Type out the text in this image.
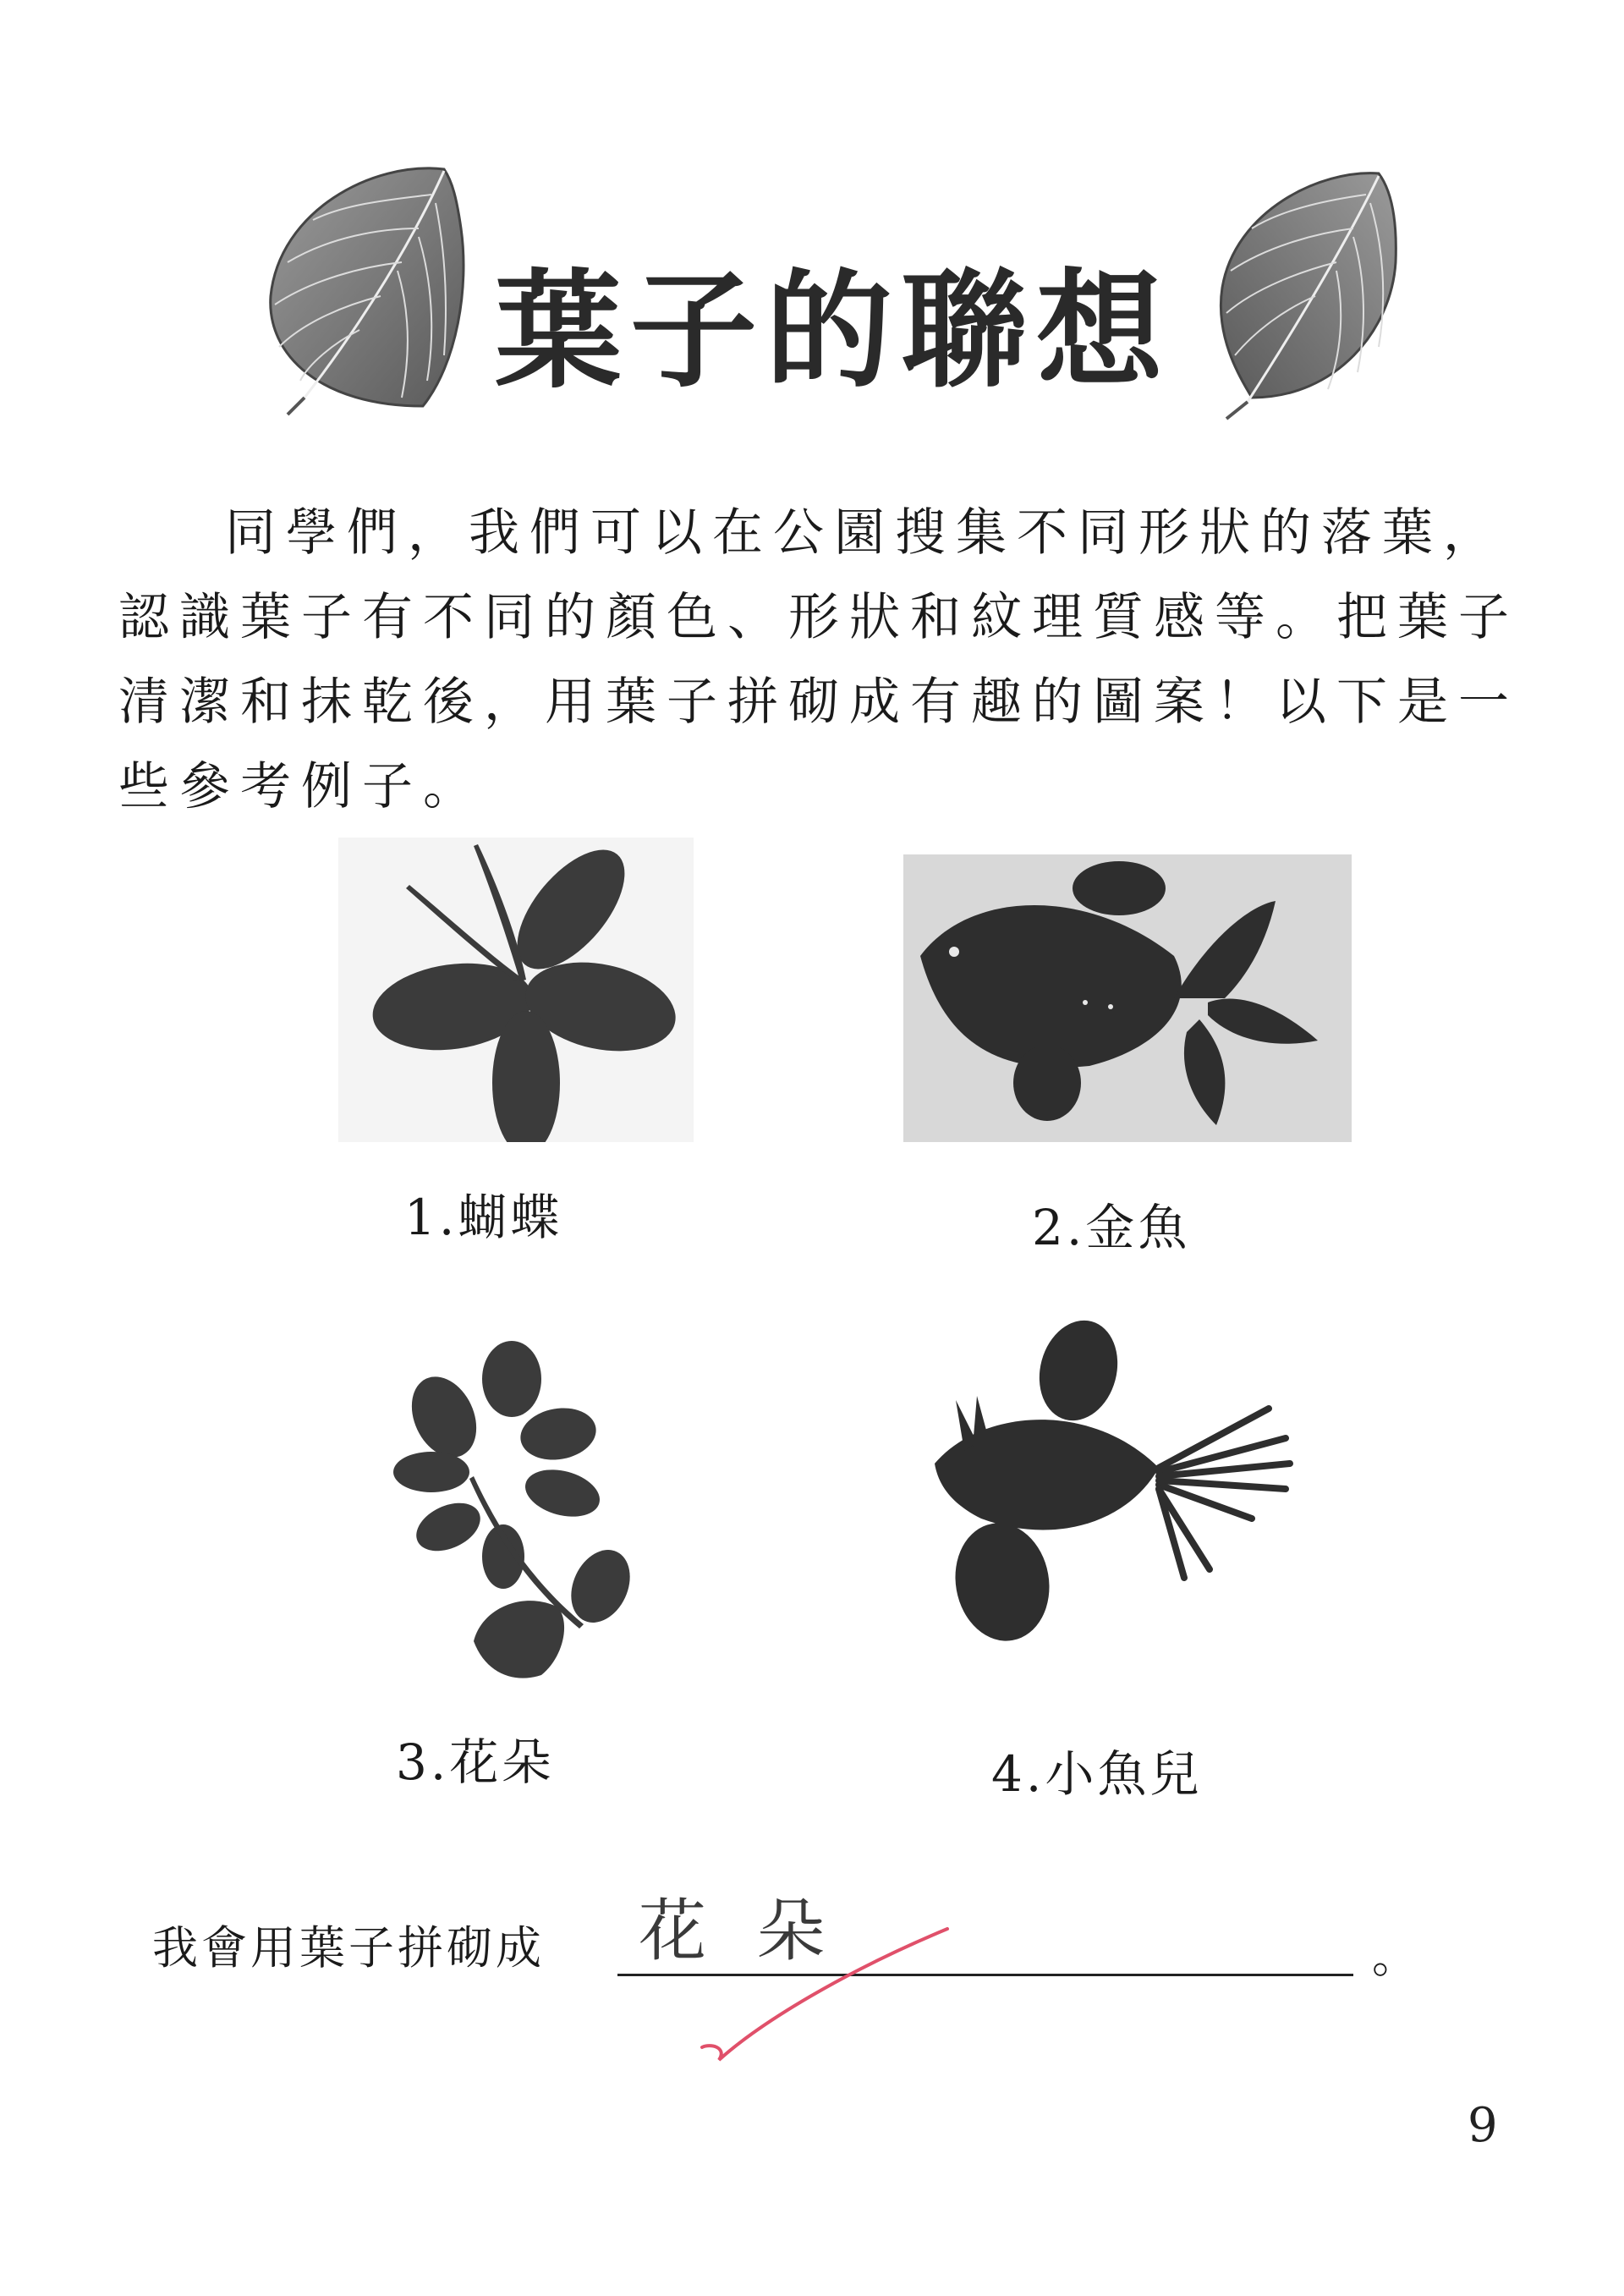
葉子的聯想
同學們，我們可以在公園搜集不同形狀的落葉，認識葉子有不同的顏色、形狀和紋理質感等。把葉子清潔和抹乾後，用葉子拼砌成有趣的圖案！以下是一些參考例子。
1.蝴蝶	2.金魚
3.花朵	4.小魚兒
我會用葉子拼砌成 花朵	。
9
